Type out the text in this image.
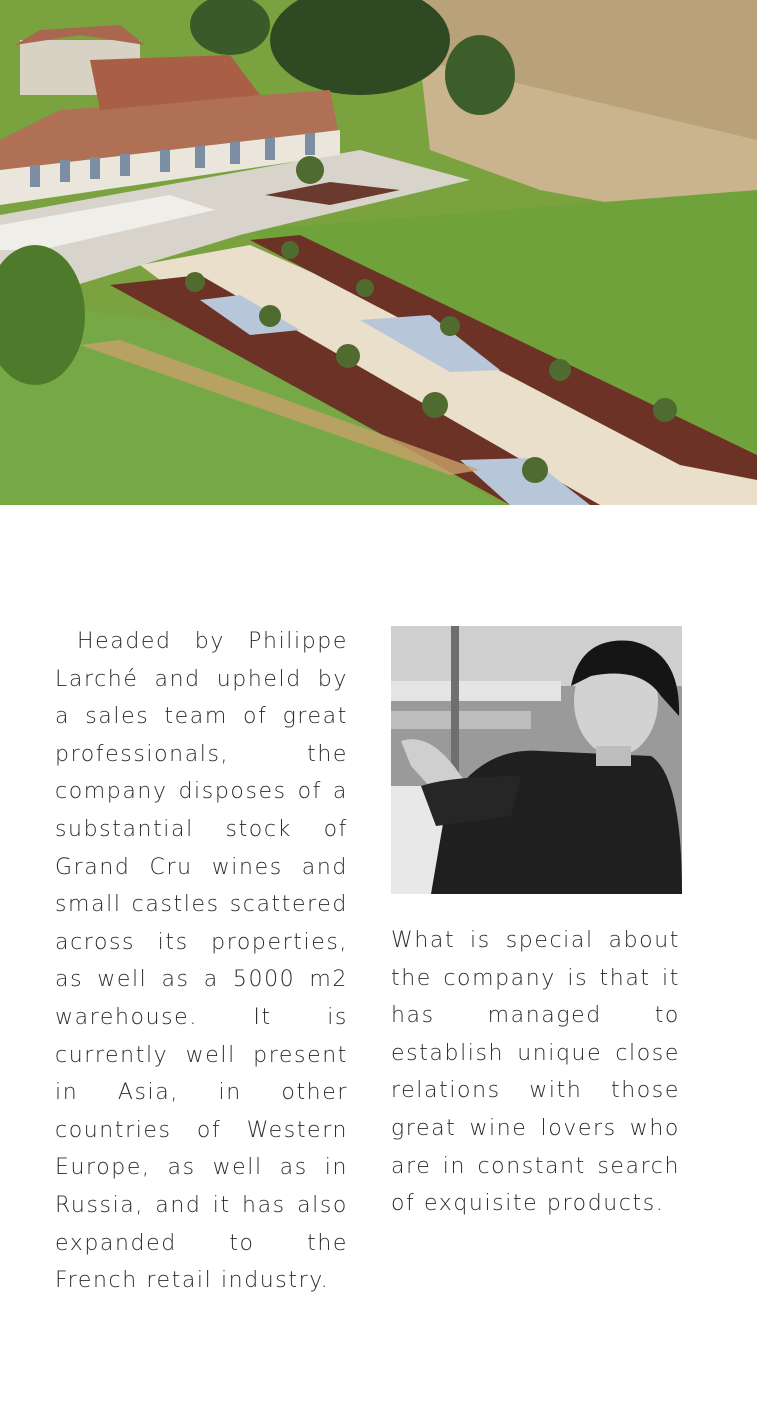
Headed by Philippe Larché and upheld by a sales team of great professionals, the company disposes of a substantial stock of Grand Cru wines and small castles scattered across its properties, as well as a 5000 m2 warehouse. It is currently well present in Asia, in other countries of Western Europe, as well as in Russia, and it has also expanded to the French retail industry.
What is special about the company is that it has managed to establish unique close relations with those great wine lovers who are in constant search of exquisite products.
